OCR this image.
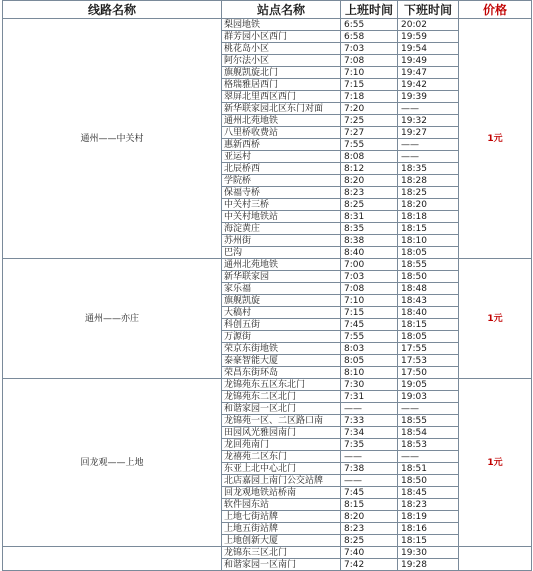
线路名称	站点名称	上班时间	下班时间	价格
通州——中关村	梨园地铁	6:55	20:02	1元
	群芳园小区西门	6:58	19:59	
	桃花岛小区	7:03	19:54	
	阿尔法小区	7:08	19:49	
	旗舰凯旋北门	7:10	19:47	
	格瑞雅居西门	7:15	19:42	
	翠屏北里西区西门	7:18	19:39	
	新华联家园北区东门对面	7:20	——	
	通州北苑地铁	7:25	19:32	
	八里桥收费站	7:27	19:27	
	惠新西桥	7:55	——	
	亚运村	8:08	——	
	北辰桥西	8:12	18:35	
	学院桥	8:20	18:28	
	保福寺桥	8:23	18:25	
	中关村三桥	8:25	18:20	
	中关村地铁站	8:31	18:18	
	海淀黄庄	8:35	18:15	
	苏州街	8:38	18:10	
	巴沟	8:40	18:05	
通州——亦庄	通州北苑地铁	7:00	18:55	1元
	新华联家园	7:03	18:50	
	家乐福	7:08	18:48	
	旗舰凯旋	7:10	18:43	
	大稿村	7:15	18:40	
	科创五街	7:45	18:15	
	万源街	7:55	18:05	
	荣京东街地铁	8:03	17:55	
	泰豪智能大厦	8:05	17:53	
	荣昌东街环岛	8:10	17:50	
回龙观——上地	龙锦苑东五区东北门	7:30	19:05	1元
	龙锦苑东二区北门	7:31	19:03	
	和谐家园一区北门	——	——	
	龙锦苑一区、二区路口南	7:33	18:55	
	田园风光雅园南门	7:34	18:54	
	龙回苑南门	7:35	18:53	
	龙禧苑二区东门	——	——	
	东亚上北中心北门	7:38	18:51	
	北店嘉园上南门公交站牌	——	18:50	
	回龙观地铁站桥南	7:45	18:45	
	软件园东站	8:15	18:23	
	上地七街站牌	8:20	18:19	
	上地五街站牌	8:23	18:16	
	上地创新大厦	8:25	18:15	
	龙锦东三区北门	7:40	19:30	
	和谐家园一区南门	7:42	19:28	
